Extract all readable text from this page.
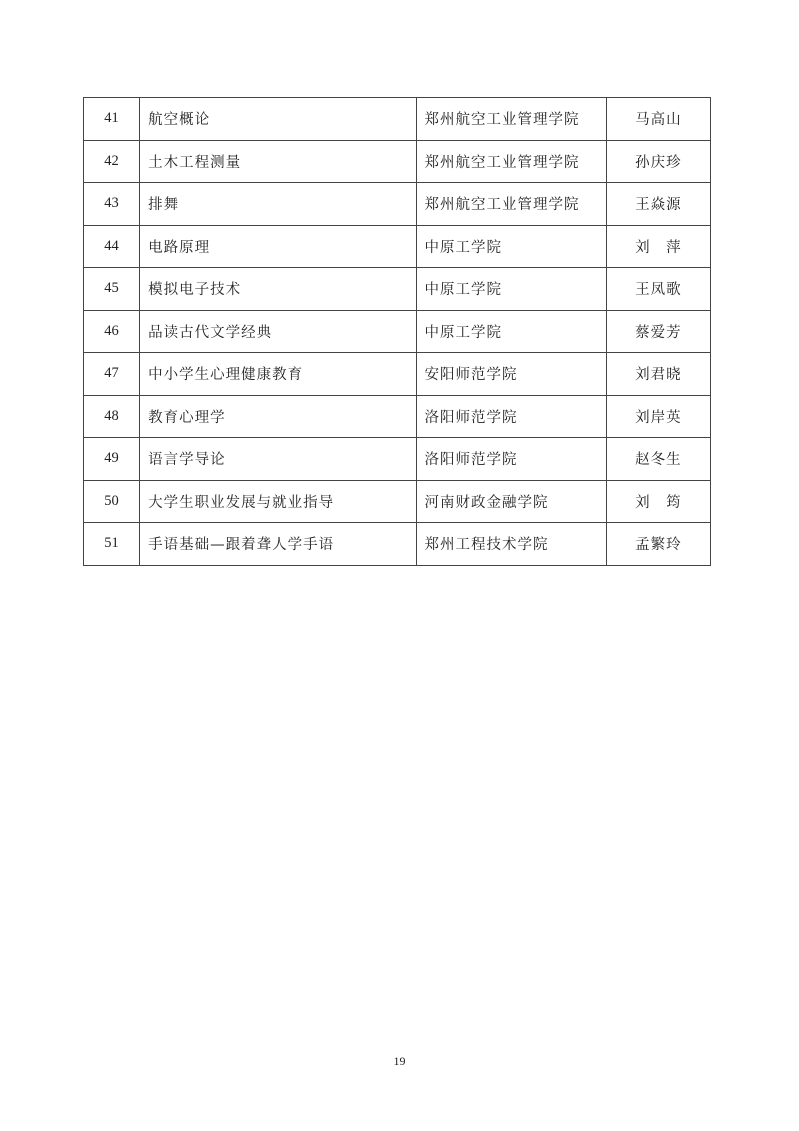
41	航空概论	郑州航空工业管理学院	马高山
42	土木工程测量	郑州航空工业管理学院	孙庆珍
43	排舞	郑州航空工业管理学院	王焱源
44	电路原理	中原工学院	刘　萍
45	模拟电子技术	中原工学院	王凤歌
46	品读古代文学经典	中原工学院	蔡爱芳
47	中小学生心理健康教育	安阳师范学院	刘君晓
48	教育心理学	洛阳师范学院	刘岸英
49	语言学导论	洛阳师范学院	赵冬生
50	大学生职业发展与就业指导	河南财政金融学院	刘　筠
51	手语基础—跟着聋人学手语	郑州工程技术学院	孟繁玲
19
